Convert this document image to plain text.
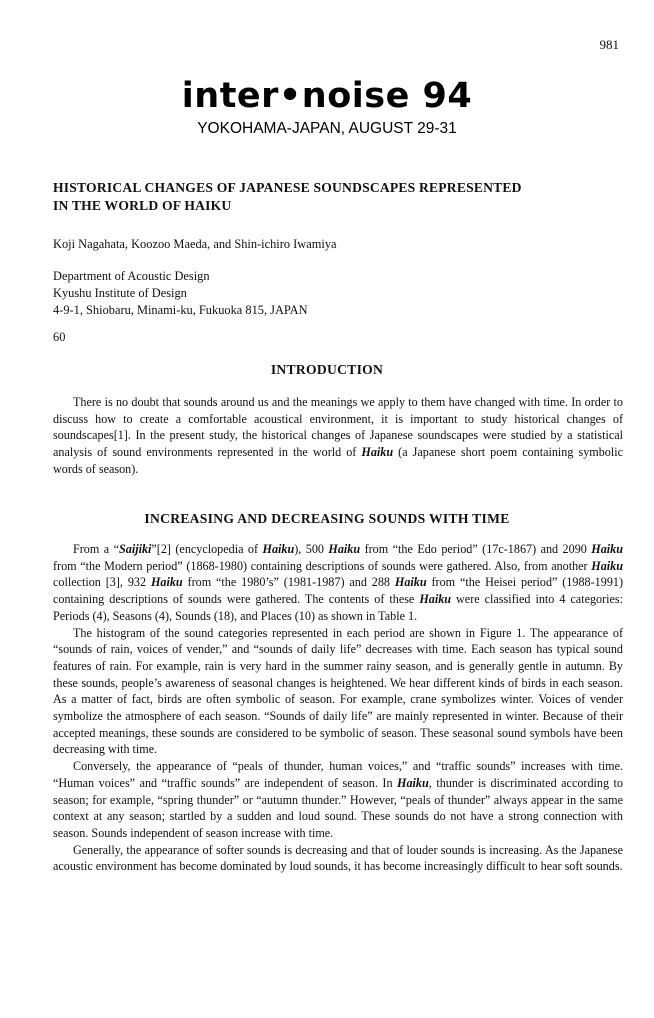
981
inter•noise 94
YOKOHAMA-JAPAN, AUGUST 29-31
HISTORICAL CHANGES OF JAPANESE SOUNDSCAPES REPRESENTED
IN THE WORLD OF HAIKU
Koji Nagahata, Koozoo Maeda, and Shin-ichiro Iwamiya
Department of Acoustic Design
Kyushu Institute of Design
4-9-1, Shiobaru, Minami-ku, Fukuoka 815, JAPAN
60
INTRODUCTION

There is no doubt that sounds around us and the meanings we apply to them have changed with time. In order to discuss how to create a comfortable acoustical environment, it is important to study historical changes of soundscapes[1]. In the present study, the historical changes of Japanese soundscapes were studied by a statistical analysis of sound environments represented in the world of Haiku (a Japanese short poem containing symbolic words of season).

INCREASING AND DECREASING SOUNDS WITH TIME

From a “Saijiki”[2] (encyclopedia of Haiku), 500 Haiku from “the Edo period” (17c-1867) and 2090 Haiku from “the Modern period” (1868-1980) containing descriptions of sounds were gathered. Also, from another Haiku collection [3], 932 Haiku from “the 1980’s” (1981-1987) and 288 Haiku from “the Heisei period” (1988-1991) containing descriptions of sounds were gathered. The contents of these Haiku were classified into 4 categories: Periods (4), Seasons (4), Sounds (18), and Places (10) as shown in Table 1.

The histogram of the sound categories represented in each period are shown in Figure 1. The appearance of “sounds of rain, voices of vender,” and “sounds of daily life” decreases with time. Each season has typical sound features of rain. For example, rain is very hard in the summer rainy season, and is generally gentle in autumn. By these sounds, people’s awareness of seasonal changes is heightened. We hear different kinds of birds in each season. As a matter of fact, birds are often symbolic of season. For example, crane symbolizes winter. Voices of vender symbolize the atmosphere of each season. “Sounds of daily life” are mainly represented in winter. Because of their accepted meanings, these sounds are considered to be symbolic of season. These seasonal sound symbols have been decreasing with time.

Conversely, the appearance of “peals of thunder, human voices,” and “traffic sounds” increases with time. “Human voices” and “traffic sounds” are independent of season. In Haiku, thunder is discriminated according to season; for example, “spring thunder” or “autumn thunder.” However, “peals of thunder” always appear in the same context at any season; startled by a sudden and loud sound. These sounds do not have a strong connection with season. Sounds independent of season increase with time.

Generally, the appearance of softer sounds is decreasing and that of louder sounds is increasing. As the Japanese acoustic environment has become dominated by loud sounds, it has become increasingly difficult to hear soft sounds.
